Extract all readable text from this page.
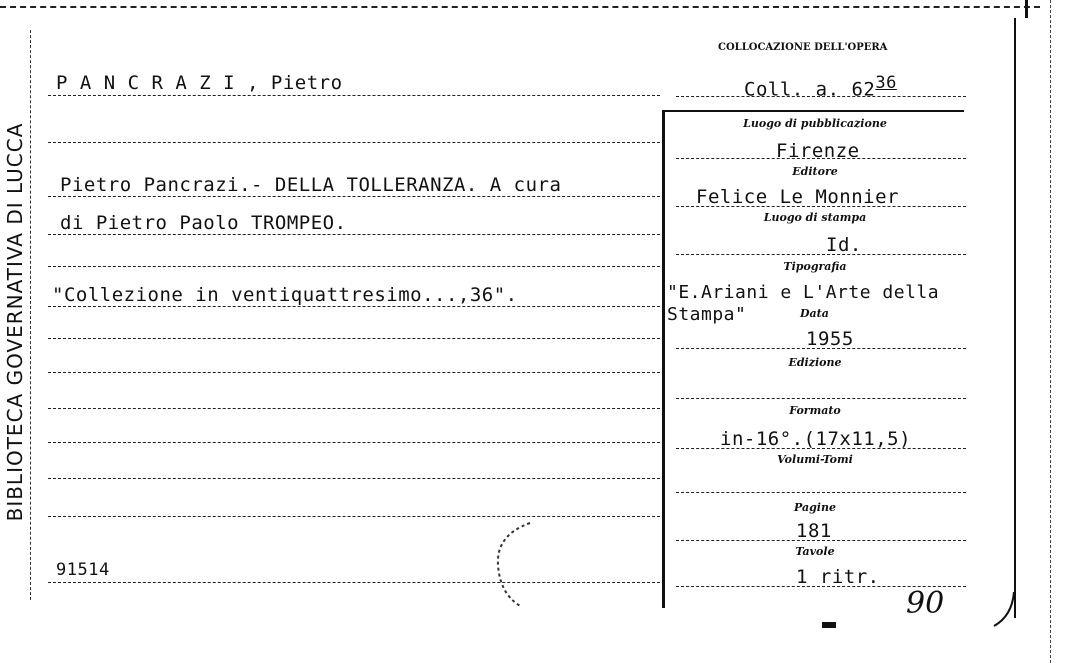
BIBLIOTECA GOVERNATIVA DI LUCCA
COLLOCAZIONE DELL'OPERA
P A N C R A Z I , Pietro	Coll. a. $62^{36}$
Pietro Pancrazi.- DELLA TOLLERANZA. A cura
di Pietro Paolo TROMPEO.
"Collezione in ventiquattresimo...,36".
91514
Luogo di pubblicazione
Firenze
Editore
Felice Le Monnier
Luogo di stampa
Id.
Tipografia
"E.Ariani e L'Arte della
Stampa"	Data
1955
Edizione
Formato
in-16°.(17x11,5)
Volumi-Tomi
Pagine
181
Tavole
1 ritr.
90
